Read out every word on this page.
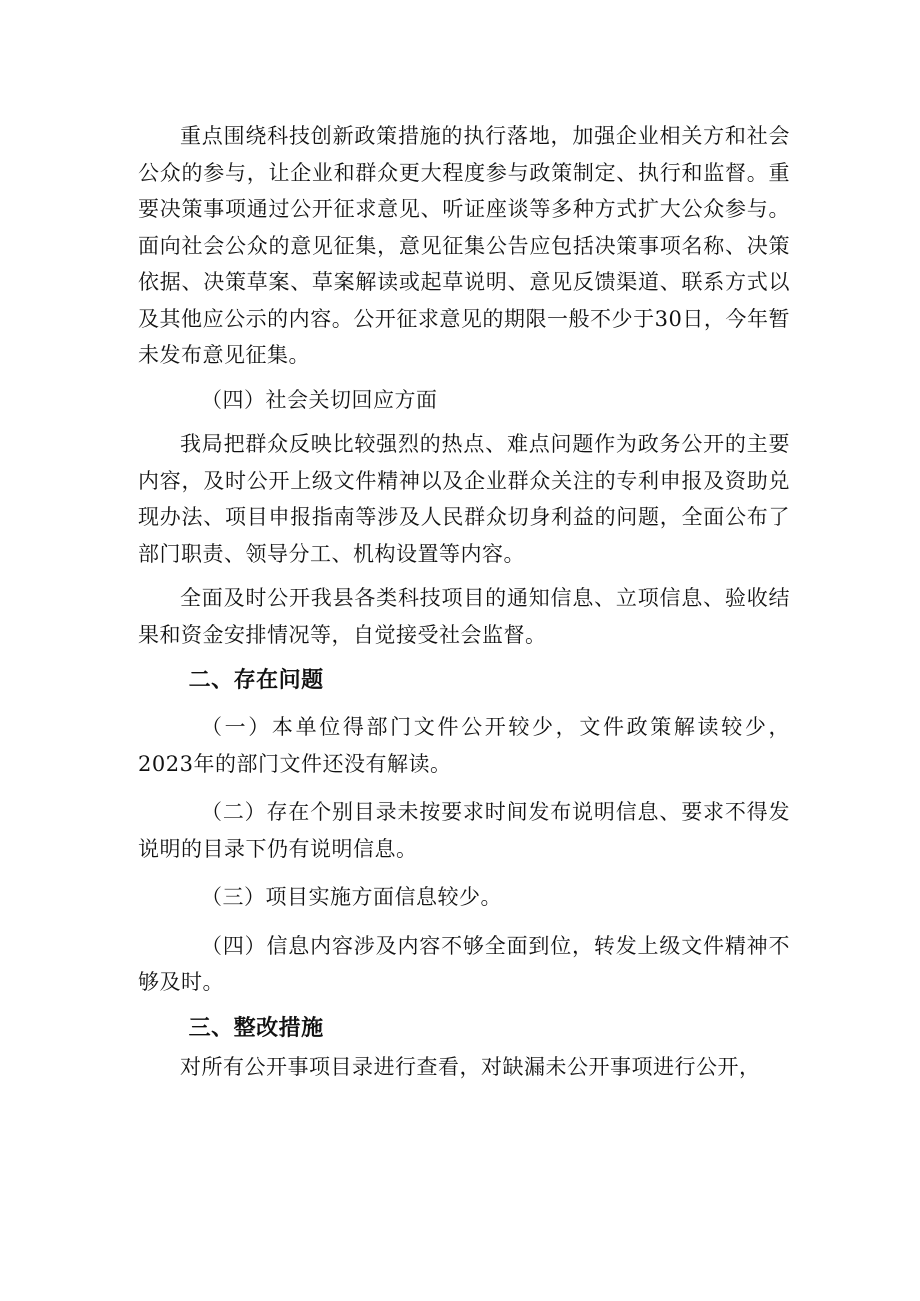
重点围绕科技创新政策措施的执行落地，加强企业相关方和社会公众的参与，让企业和群众更大程度参与政策制定、执行和监督。重要决策事项通过公开征求意见、听证座谈等多种方式扩大公众参与。面向社会公众的意见征集，意见征集公告应包括决策事项名称、决策依据、决策草案、草案解读或起草说明、意见反馈渠道、联系方式以及其他应公示的内容。公开征求意见的期限一般不少于30日，今年暂未发布意见征集。

（四）社会关切回应方面

我局把群众反映比较强烈的热点、难点问题作为政务公开的主要内容，及时公开上级文件精神以及企业群众关注的专利申报及资助兑现办法、项目申报指南等涉及人民群众切身利益的问题，全面公布了部门职责、领导分工、机构设置等内容。

全面及时公开我县各类科技项目的通知信息、立项信息、验收结果和资金安排情况等，自觉接受社会监督。

二、存在问题

（一）本单位得部门文件公开较少，文件政策解读较少，2023年的部门文件还没有解读。

（二）存在个别目录未按要求时间发布说明信息、要求不得发说明的目录下仍有说明信息。

（三）项目实施方面信息较少。

（四）信息内容涉及内容不够全面到位，转发上级文件精神不够及时。

三、整改措施

对所有公开事项目录进行查看，对缺漏未公开事项进行公开，
